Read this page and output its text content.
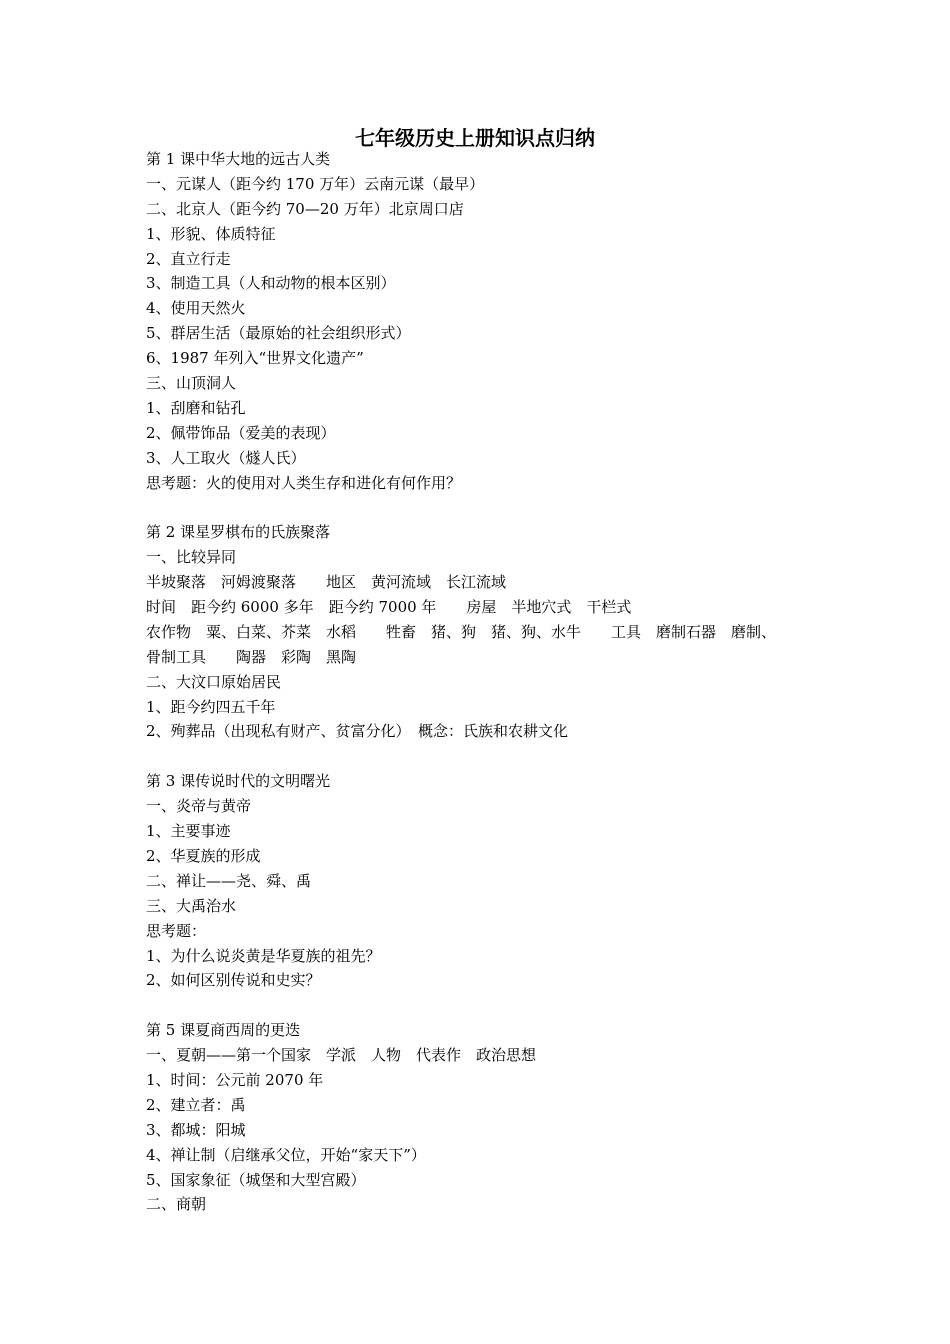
七年级历史上册知识点归纳
第 1 课中华大地的远古人类
一、元谋人（距今约 170 万年）云南元谋（最早）
二、北京人（距今约 70—20 万年）北京周口店
1、形貌、体质特征
2、直立行走
3、制造工具（人和动物的根本区别）
4、使用天然火
5、群居生活（最原始的社会组织形式）
6、1987 年列入“世界文化遗产”
三、山顶洞人
1、刮磨和钻孔
2、佩带饰品（爱美的表现）
3、人工取火（燧人氏）
思考题：火的使用对人类生存和进化有何作用？
第 2 课星罗棋布的氏族聚落
一、比较异同
半坡聚落　河姆渡聚落　　地区　黄河流域　长江流域
时间　距今约 6000 多年　距今约 7000 年　　房屋　半地穴式　干栏式
农作物　粟、白菜、芥菜　水稻　　牲畜　猪、狗　猪、狗、水牛　　工具　磨制石器　磨制、
骨制工具　　陶器　彩陶　黑陶
二、大汶口原始居民
1、距今约四五千年
2、殉葬品（出现私有财产、贫富分化）　概念：氏族和农耕文化
第 3 课传说时代的文明曙光
一、炎帝与黄帝
1、主要事迹
2、华夏族的形成
二、禅让——尧、舜、禹
三、大禹治水
思考题：
1、为什么说炎黄是华夏族的祖先？
2、如何区别传说和史实？
第 5 课夏商西周的更迭
一、夏朝——第一个国家　学派　人物　代表作　政治思想
1、时间：公元前 2070 年
2、建立者：禹
3、都城：阳城
4、禅让制（启继承父位，开始“家天下”）
5、国家象征（城堡和大型宫殿）
二、商朝
